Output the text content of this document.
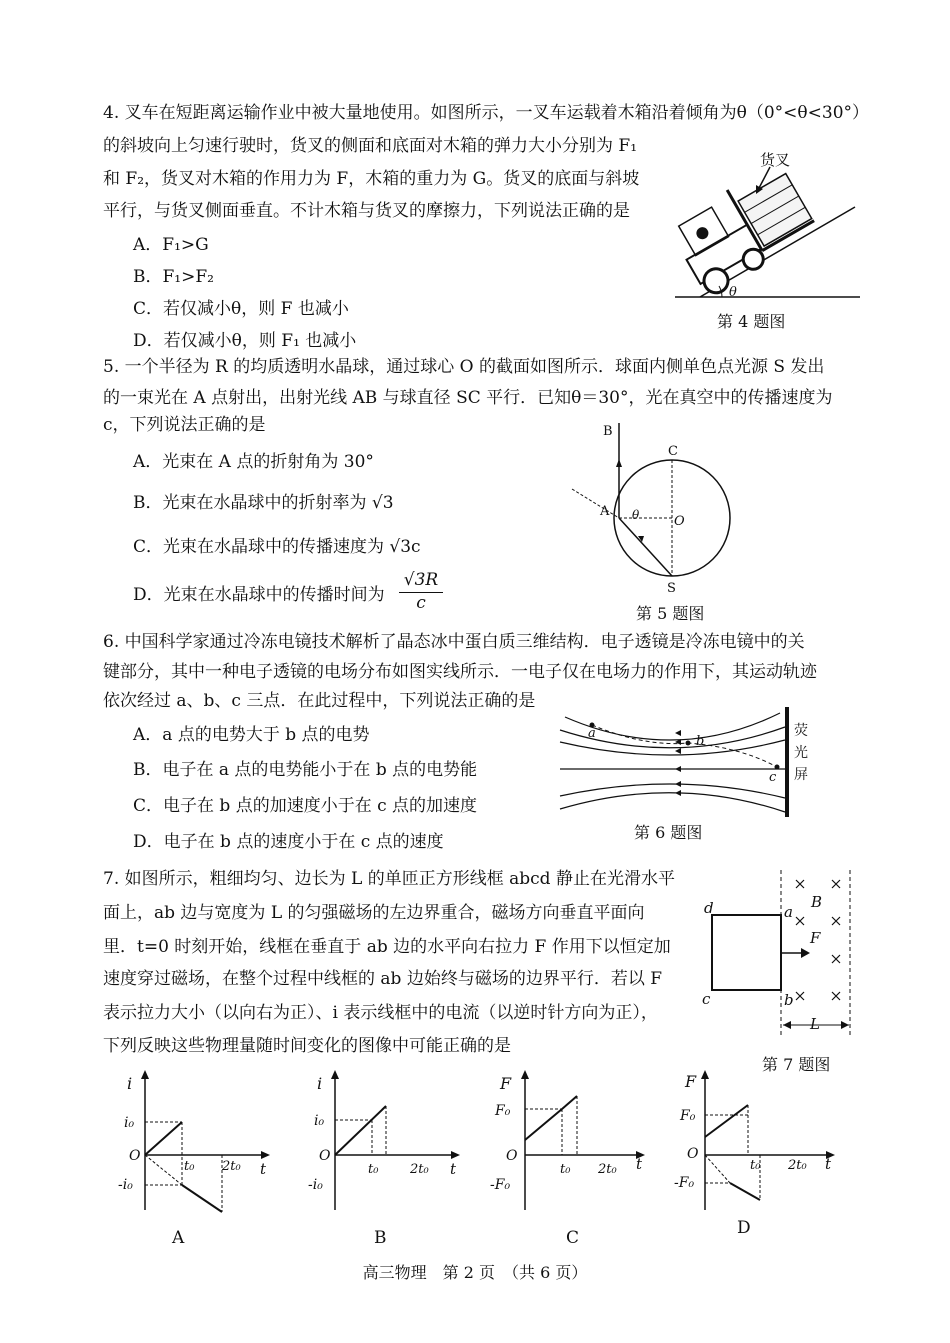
4. 叉车在短距离运输作业中被大量地使用。如图所示，一叉车运载着木箱沿着倾角为θ（0°<θ<30°）
的斜坡向上匀速行驶时，货叉的侧面和底面对木箱的弹力大小分别为 F₁
和 F₂，货叉对木箱的作用力为 F，木箱的重力为 G。货叉的底面与斜坡
平行，与货叉侧面垂直。不计木箱与货叉的摩擦力，下列说法正确的是
A．F₁>G
B．F₁>F₂
C．若仅减小θ，则 F 也减小
D．若仅减小θ，则 F₁ 也减小
货叉
θ
第 4 题图
5. 一个半径为 R 的均质透明水晶球，通过球心 O 的截面如图所示．球面内侧单色点光源 S 发出
的一束光在 A 点射出，出射光线 AB 与球直径 SC 平行．已知θ＝30°，光在真空中的传播速度为
c，下列说法正确的是
A．光束在 A 点的折射角为 30°
B．光束在水晶球中的折射率为 √3
C．光束在水晶球中的传播速度为 √3c
D．光束在水晶球中的传播时间为 $\frac{√3R}{c}$
B
C
A θ	O
S
第 5 题图
6. 中国科学家通过冷冻电镜技术解析了晶态冰中蛋白质三维结构．电子透镜是冷冻电镜中的关
键部分，其中一种电子透镜的电场分布如图实线所示．一电子仅在电场力的作用下，其运动轨迹
依次经过 a、b、c 三点．在此过程中，下列说法正确的是
A．a 点的电势大于 b 点的电势
B．电子在 a 点的电势能小于在 b 点的电势能
C．电子在 b 点的加速度小于在 c 点的加速度
D．电子在 b 点的速度小于在 c 点的速度
a
b
c
荧
光
屏
第 6 题图
7. 如图所示，粗细均匀、边长为 L 的单匝正方形线框 abcd 静止在光滑水平
面上，ab 边与宽度为 L 的匀强磁场的左边界重合，磁场方向垂直平面向
里．t=0 时刻开始，线框在垂直于 ab 边的水平向右拉力 F 作用下以恒定加
速度穿过磁场，在整个过程中线框的 ab 边始终与磁场的边界平行．若以 F
表示拉力大小（以向右为正）、i 表示线框中的电流（以逆时针方向为正），
下列反映这些物理量随时间变化的图像中可能正确的是
d	a
B
F
c	b
L
第 7 题图
i
i₀
-i₀
O
t₀ 2t₀ t
A
i
i₀
-i₀
O
t₀ 2t₀ t
B
F
F₀
-F₀
O
t₀ 2t₀ t
C
F
F₀
-F₀
O
t₀ 2t₀ t
D
高三物理　第 2 页　（共 6 页）
